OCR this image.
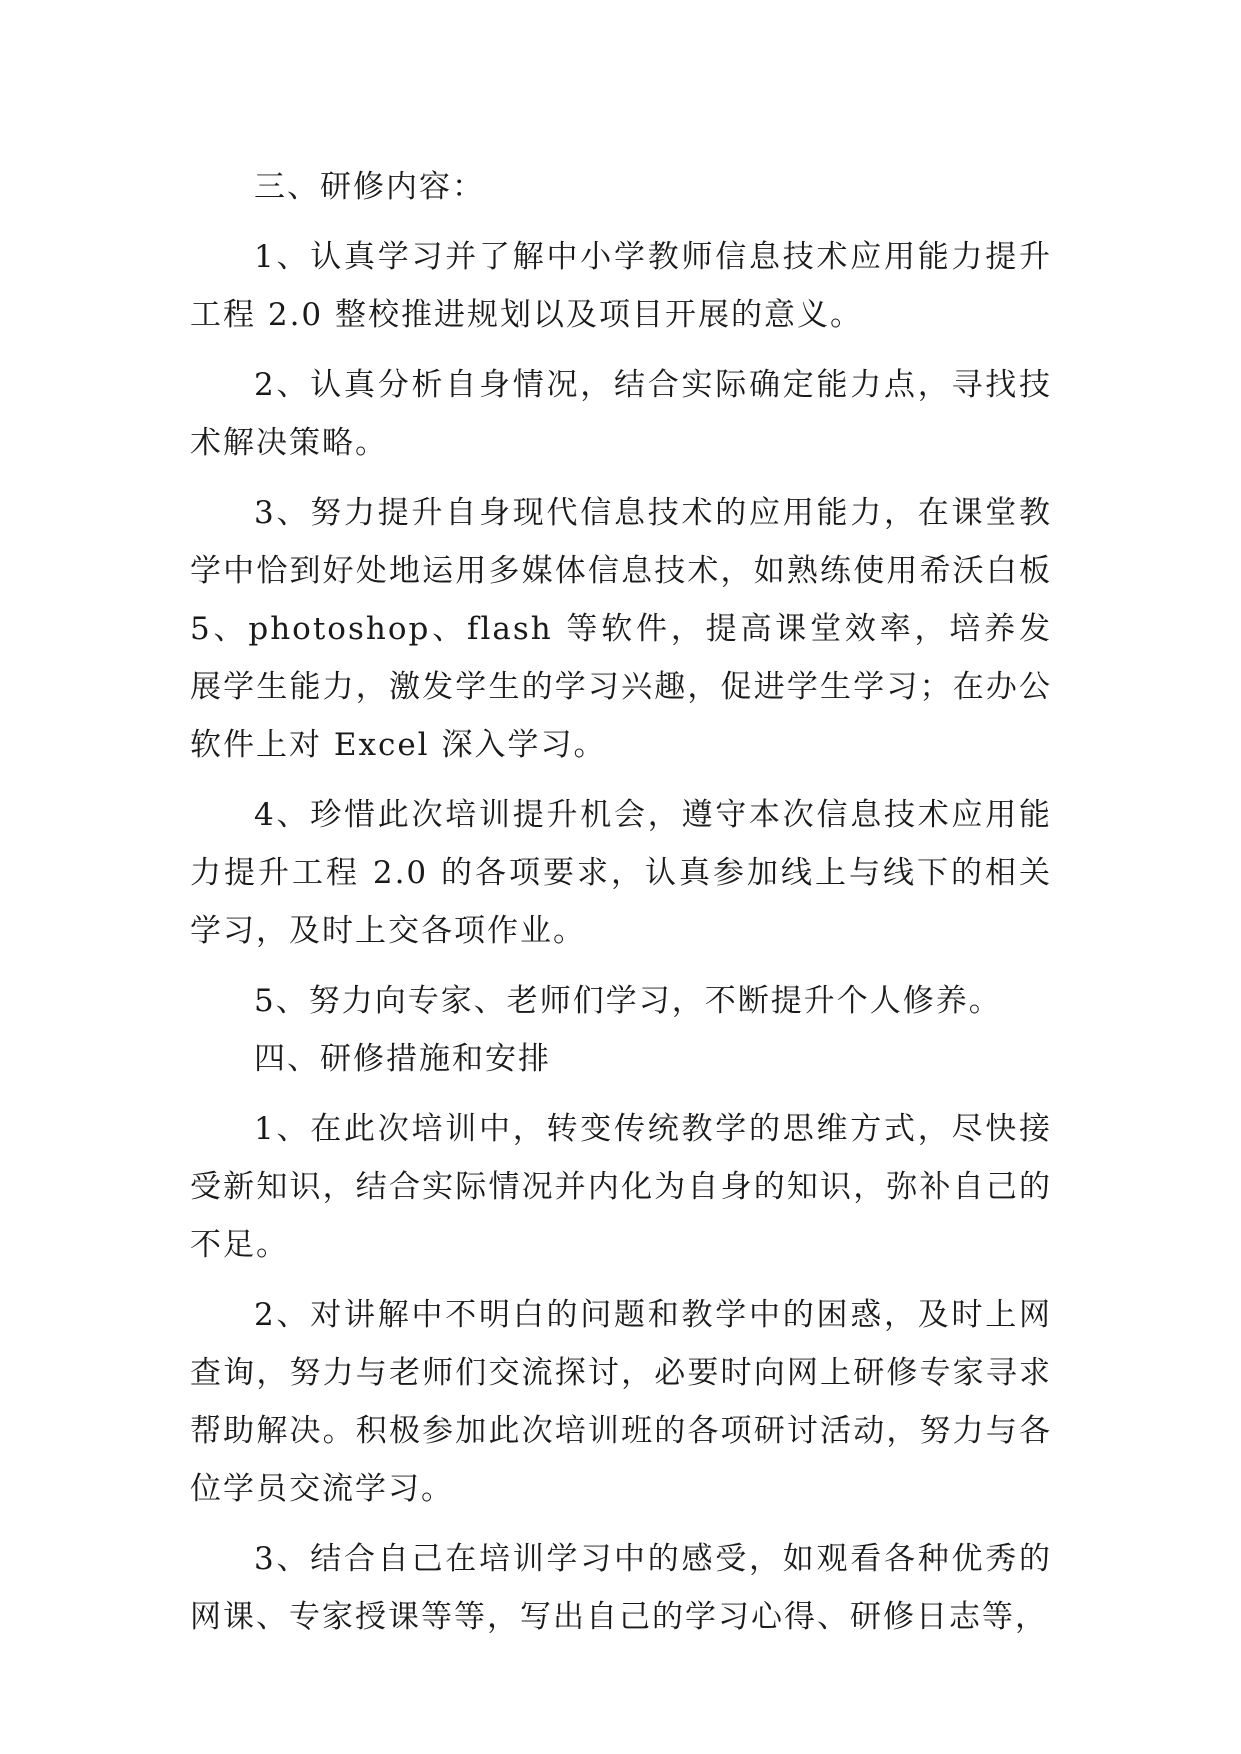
三、研修内容：

1、认真学习并了解中小学教师信息技术应用能力提升工程 2.0 整校推进规划以及项目开展的意义。

2、认真分析自身情况，结合实际确定能力点，寻找技术解决策略。

3、努力提升自身现代信息技术的应用能力，在课堂教学中恰到好处地运用多媒体信息技术，如熟练使用希沃白板 5、photoshop、flash 等软件，提高课堂效率，培养发展学生能力，激发学生的学习兴趣，促进学生学习；在办公软件上对 Excel 深入学习。

4、珍惜此次培训提升机会，遵守本次信息技术应用能力提升工程 2.0 的各项要求，认真参加线上与线下的相关学习，及时上交各项作业。

5、努力向专家、老师们学习，不断提升个人修养。

四、研修措施和安排

1、在此次培训中，转变传统教学的思维方式，尽快接受新知识，结合实际情况并内化为自身的知识，弥补自己的不足。

2、对讲解中不明白的问题和教学中的困惑，及时上网查询，努力与老师们交流探讨，必要时向网上研修专家寻求帮助解决。积极参加此次培训班的各项研讨活动，努力与各位学员交流学习。

3、结合自己在培训学习中的感受，如观看各种优秀的网课、专家授课等等，写出自己的学习心得、研修日志等，
